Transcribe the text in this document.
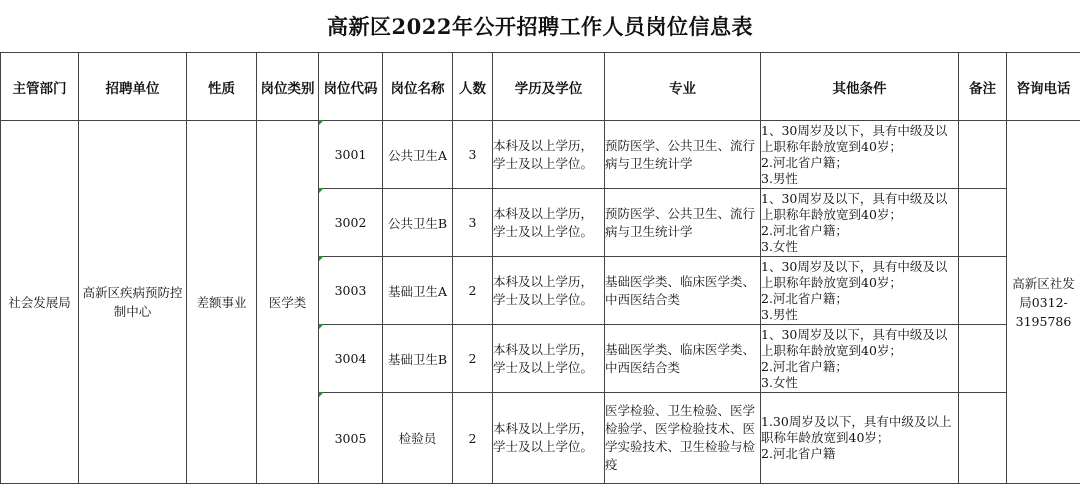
高新区2022年公开招聘工作人员岗位信息表
主管部门	招聘单位	性质	岗位类别	岗位代码	岗位名称	人数	学历及学位	专业	其他条件	备注	咨询电话
社会发展局	高新区疾病预防控制中心	差额事业	医学类	3001	公共卫生A	3	本科及以上学历，学士及以上学位。	预防医学、公共卫生、流行病与卫生统计学	1、30周岁及以下，具有中级及以上职称年龄放宽到40岁；
2.河北省户籍；
3.男性		高新区社发局0312-3195786
				3002	公共卫生B	3	本科及以上学历，学士及以上学位。	预防医学、公共卫生、流行病与卫生统计学	1、30周岁及以下，具有中级及以上职称年龄放宽到40岁；
2.河北省户籍；
3.女性		

				3003	基础卫生A	2	本科及以上学历，学士及以上学位。	基础医学类、临床医学类、中西医结合类	1、30周岁及以下，具有中级及以上职称年龄放宽到40岁；
2.河北省户籍；
3.男性		

				3004	基础卫生B	2	本科及以上学历，学士及以上学位。	基础医学类、临床医学类、中西医结合类	1、30周岁及以下，具有中级及以上职称年龄放宽到40岁；
2.河北省户籍；
3.女性		

				3005	检验员	2	本科及以上学历，学士及以上学位。	医学检验、卫生检验、医学检验学、医学检验技术、医学实验技术、卫生检验与检疫	1.30周岁及以下，具有中级及以上职称年龄放宽到40岁；
2.河北省户籍		
